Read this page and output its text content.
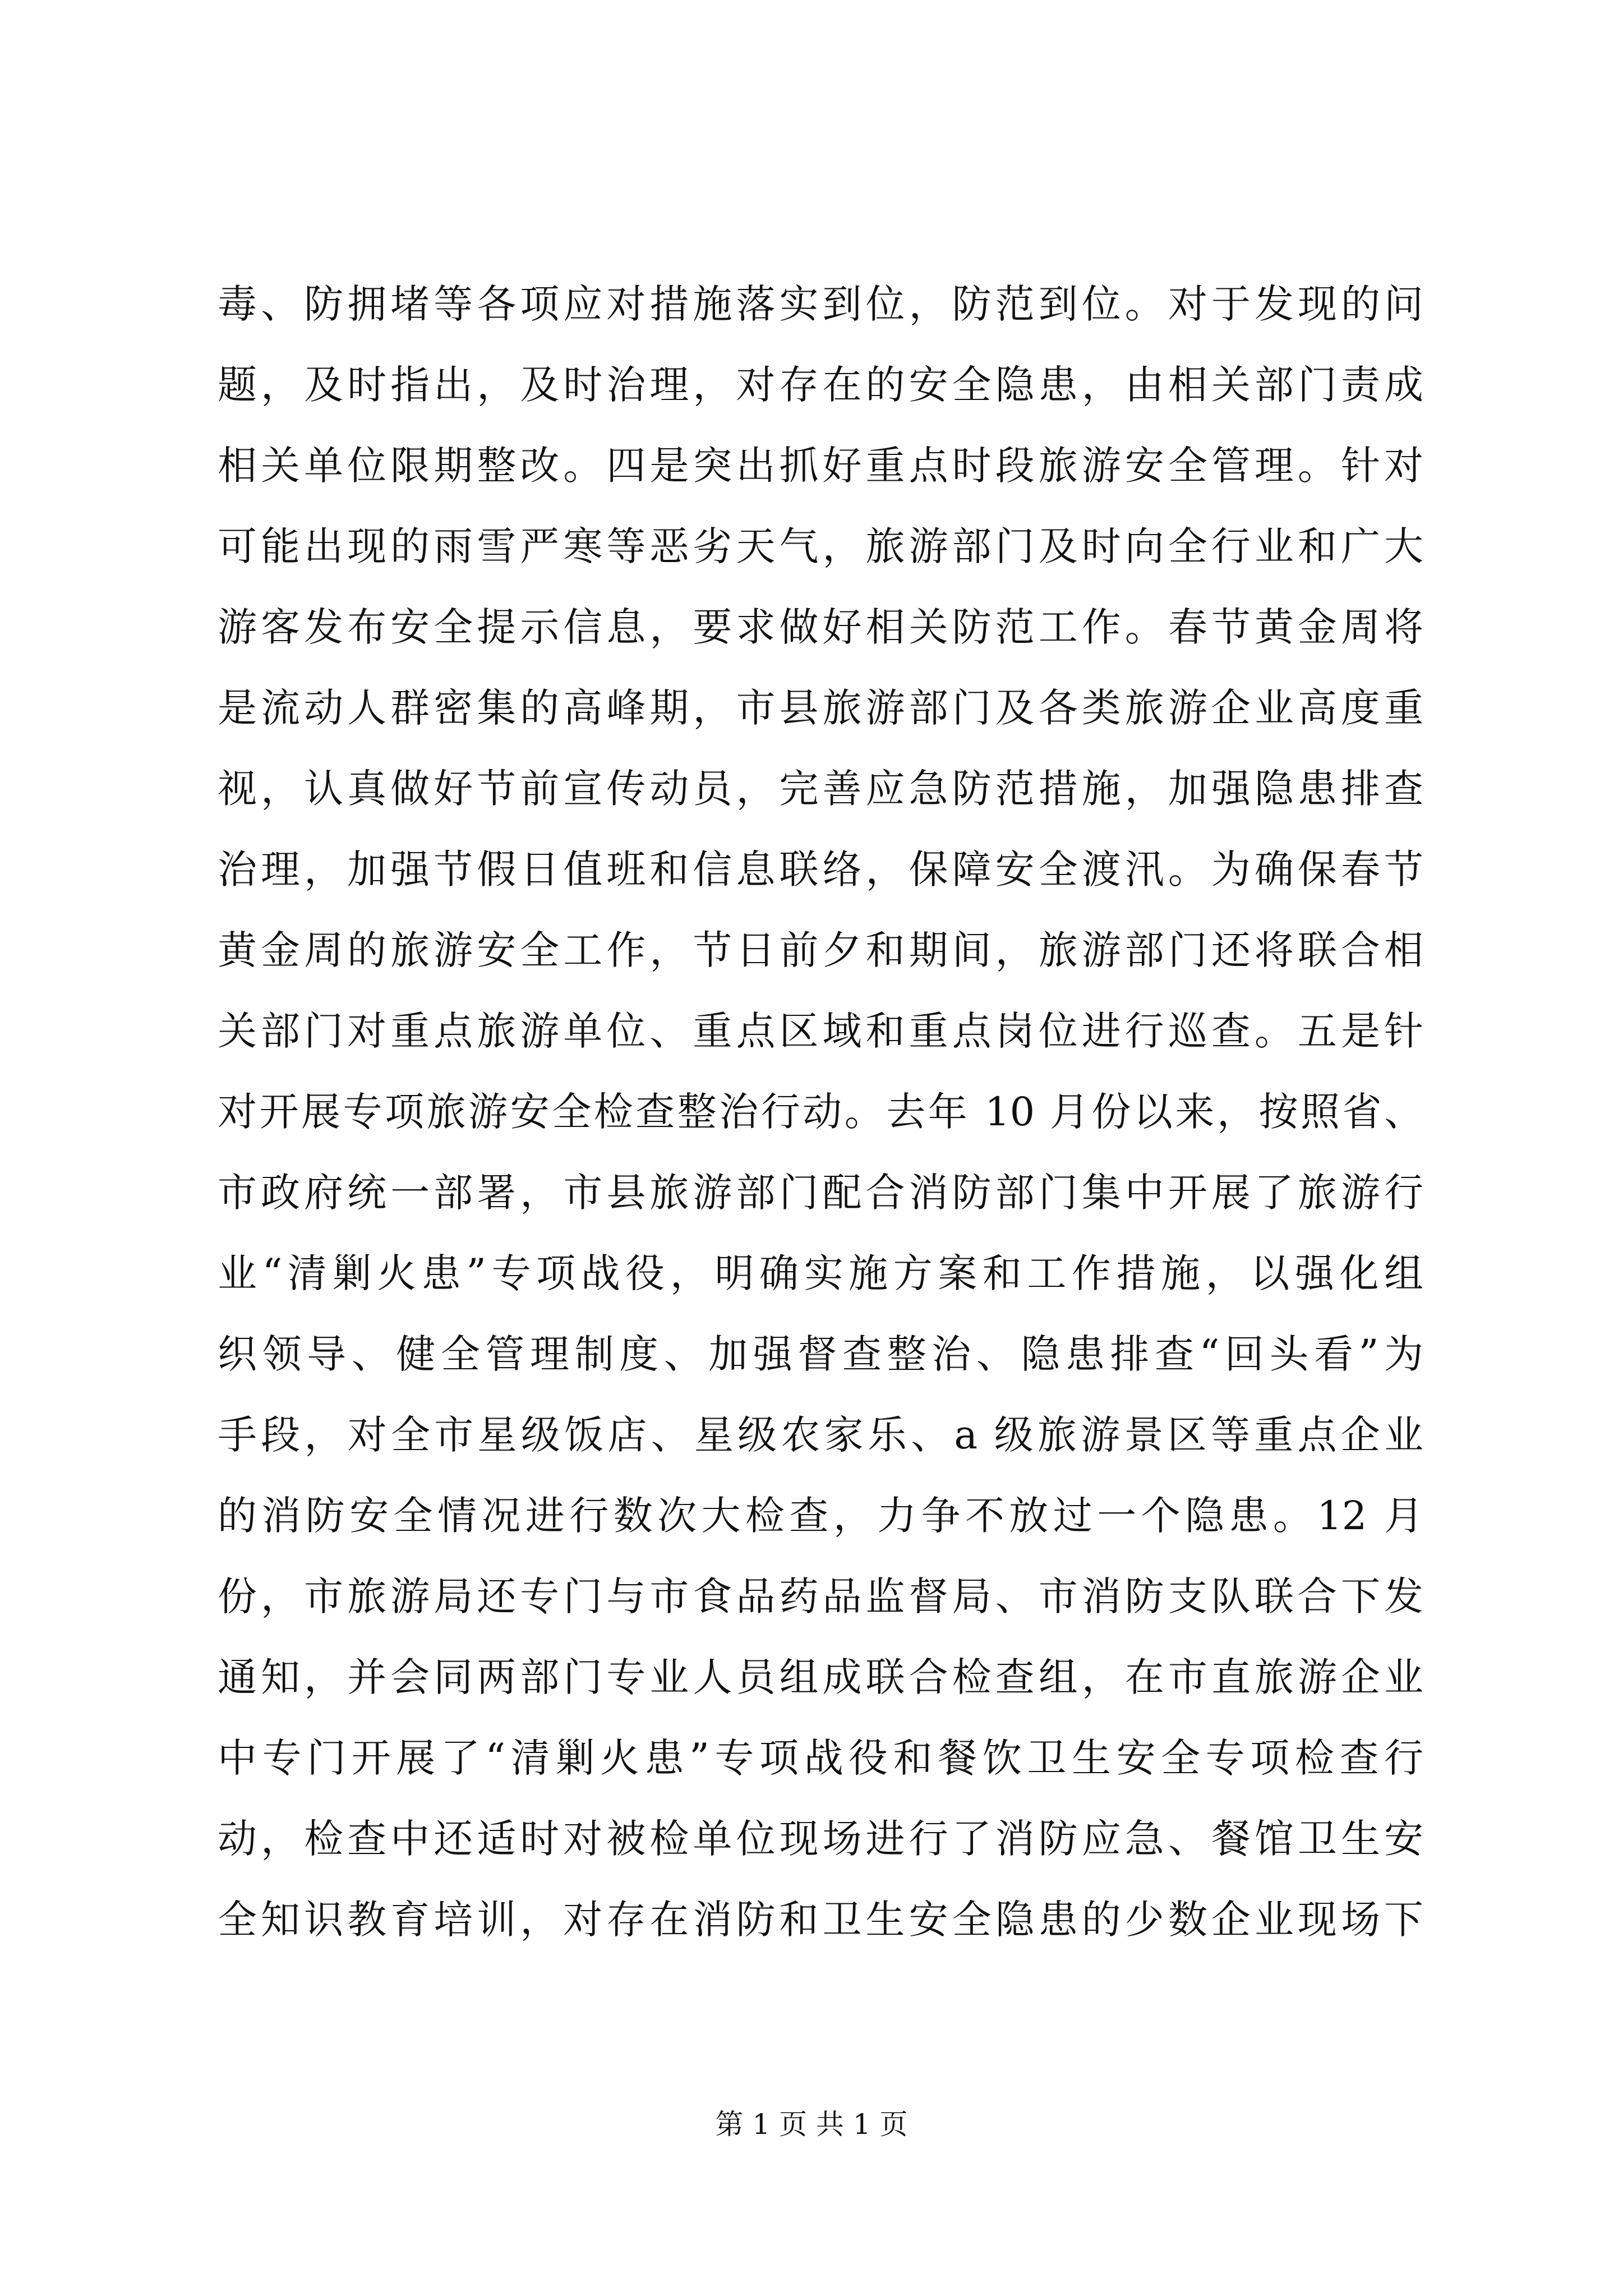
毒、防拥堵等各项应对措施落实到位，防范到位。对于发现的问
题，及时指出，及时治理，对存在的安全隐患，由相关部门责成
相关单位限期整改。四是突出抓好重点时段旅游安全管理。针对
可能出现的雨雪严寒等恶劣天气，旅游部门及时向全行业和广大
游客发布安全提示信息，要求做好相关防范工作。春节黄金周将
是流动人群密集的高峰期，市县旅游部门及各类旅游企业高度重
视，认真做好节前宣传动员，完善应急防范措施，加强隐患排查
治理，加强节假日值班和信息联络，保障安全渡汛。为确保春节
黄金周的旅游安全工作，节日前夕和期间，旅游部门还将联合相
关部门对重点旅游单位、重点区域和重点岗位进行巡查。五是针
对开展专项旅游安全检查整治行动。去年 10 月份以来，按照省、
市政府统一部署，市县旅游部门配合消防部门集中开展了旅游行
业“清剿火患”专项战役，明确实施方案和工作措施，以强化组
织领导、健全管理制度、加强督查整治、隐患排查“回头看”为
手段，对全市星级饭店、星级农家乐、a 级旅游景区等重点企业
的消防安全情况进行数次大检查，力争不放过一个隐患。12 月
份，市旅游局还专门与市食品药品监督局、市消防支队联合下发
通知，并会同两部门专业人员组成联合检查组，在市直旅游企业
中专门开展了“清剿火患”专项战役和餐饮卫生安全专项检查行
动，检查中还适时对被检单位现场进行了消防应急、餐馆卫生安
全知识教育培训，对存在消防和卫生安全隐患的少数企业现场下
第 1 页 共 1 页
